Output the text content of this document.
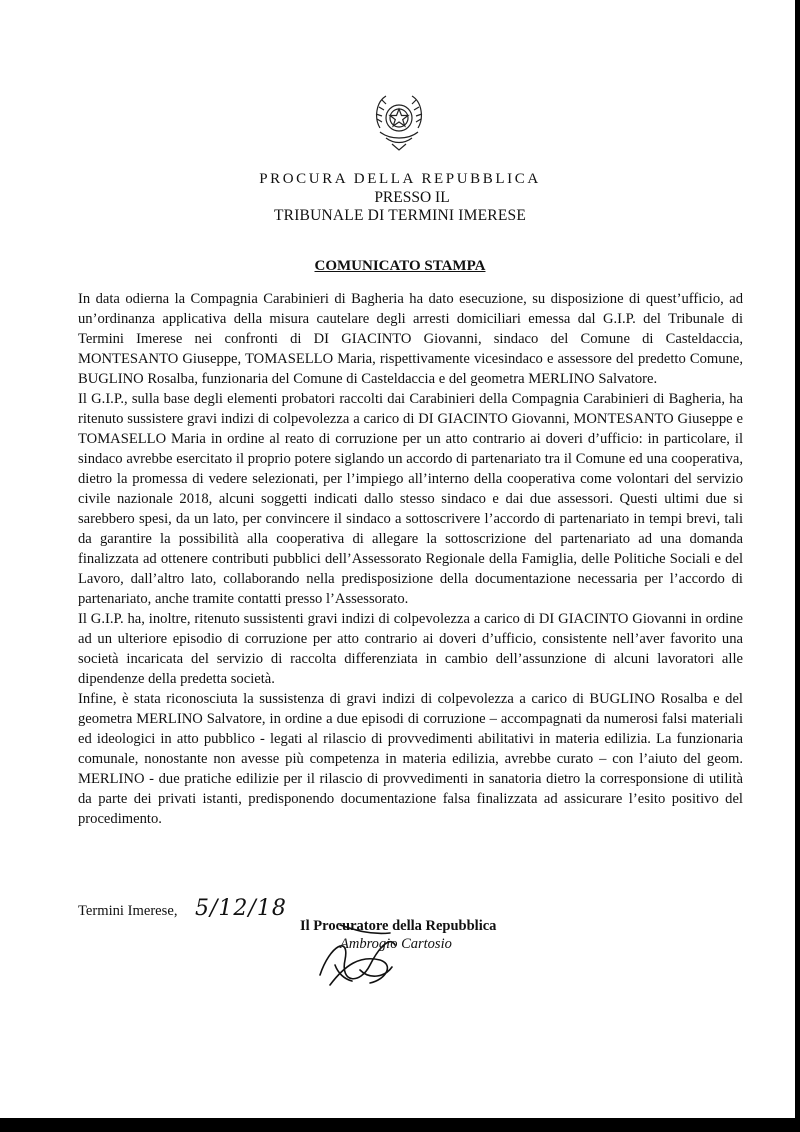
PROCURA DELLA REPUBBLICA
PRESSO IL
TRIBUNALE DI TERMINI IMERESE
COMUNICATO STAMPA

In data odierna la Compagnia Carabinieri di Bagheria ha dato esecuzione, su disposizione di quest’ufficio, ad un’ordinanza applicativa della misura cautelare degli arresti domiciliari emessa dal G.I.P. del Tribunale di Termini Imerese nei confronti di DI GIACINTO Giovanni, sindaco del Comune di Casteldaccia, MONTESANTO Giuseppe, TOMASELLO Maria, rispettivamente vicesindaco e assessore del predetto Comune, BUGLINO Rosalba, funzionaria del Comune di Casteldaccia e del geometra MERLINO Salvatore.

Il G.I.P., sulla base degli elementi probatori raccolti dai Carabinieri della Compagnia Carabinieri di Bagheria, ha ritenuto sussistere gravi indizi di colpevolezza a carico di DI GIACINTO Giovanni, MONTESANTO Giuseppe e TOMASELLO Maria in ordine al reato di corruzione per un atto contrario ai doveri d’ufficio: in particolare, il sindaco avrebbe esercitato il proprio potere siglando un accordo di partenariato tra il Comune ed una cooperativa, dietro la promessa di vedere selezionati, per l’impiego all’interno della cooperativa come volontari del servizio civile nazionale 2018, alcuni soggetti indicati dallo stesso sindaco e dai due assessori. Questi ultimi due si sarebbero spesi, da un lato, per convincere il sindaco a sottoscrivere l’accordo di partenariato in tempi brevi, tali da garantire la possibilità alla cooperativa di allegare la sottoscrizione del partenariato ad una domanda finalizzata ad ottenere contributi pubblici dell’Assessorato Regionale della Famiglia, delle Politiche Sociali e del Lavoro, dall’altro lato, collaborando nella predisposizione della documentazione necessaria per l’accordo di partenariato, anche tramite contatti presso l’Assessorato.

Il G.I.P. ha, inoltre, ritenuto sussistenti gravi indizi di colpevolezza a carico di DI GIACINTO Giovanni in ordine ad un ulteriore episodio di corruzione per atto contrario ai doveri d’ufficio, consistente nell’aver favorito una società incaricata del servizio di raccolta differenziata in cambio dell’assunzione di alcuni lavoratori alle dipendenze della predetta società.

Infine, è stata riconosciuta la sussistenza di gravi indizi di colpevolezza a carico di BUGLINO Rosalba e del geometra MERLINO Salvatore, in ordine a due episodi di corruzione – accompagnati da numerosi falsi materiali ed ideologici in atto pubblico - legati al rilascio di provvedimenti abilitativi in materia edilizia. La funzionaria comunale, nonostante non avesse più competenza in materia edilizia, avrebbe curato – con l’aiuto del geom. MERLINO - due pratiche edilizie per il rilascio di provvedimenti in sanatoria dietro la corresponsione di utilità da parte dei privati istanti, predisponendo documentazione falsa finalizzata ad assicurare l’esito positivo del procedimento.

Termini Imerese, 5/12/18
Il Procuratore della Repubblica
Ambrogio Cartosio
